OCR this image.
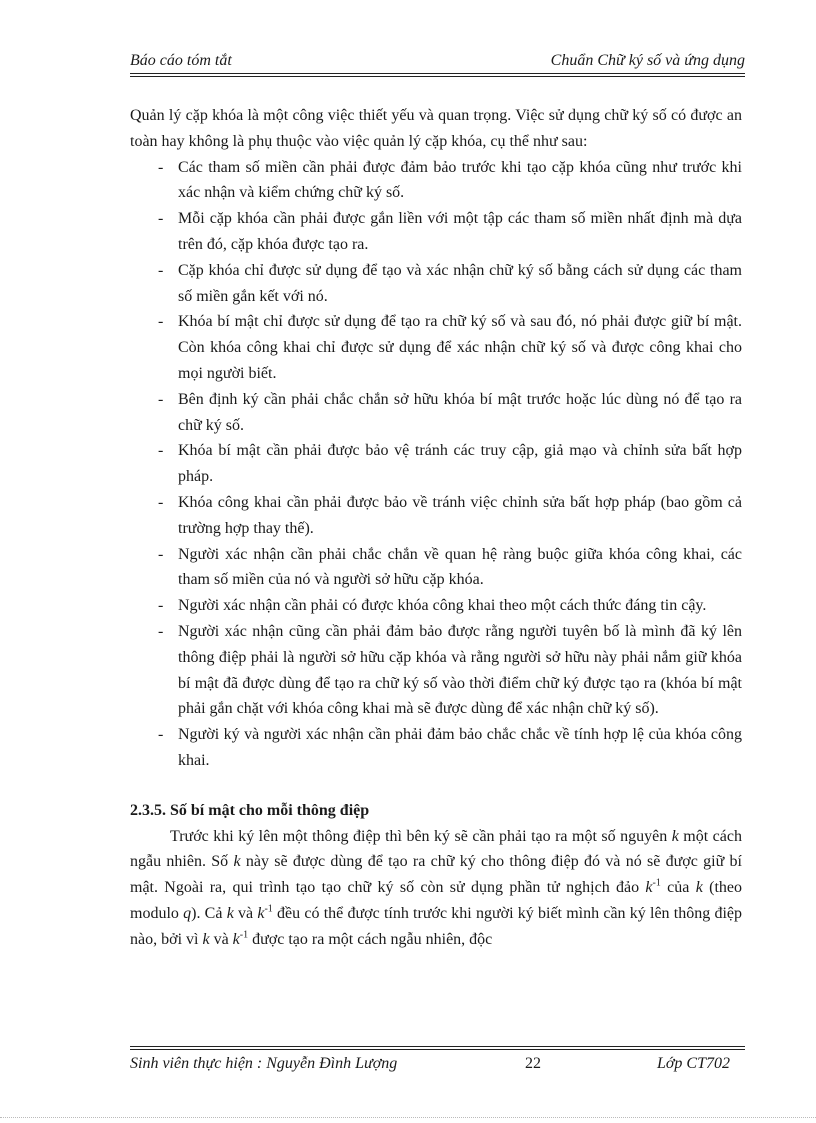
Báo cáo tóm tắt	Chuẩn Chữ ký số và ứng dụng

Quản lý cặp khóa là một công việc thiết yếu và quan trọng. Việc sử dụng chữ ký số có được an toàn hay không là phụ thuộc vào việc quản lý cặp khóa, cụ thể như sau:

- Các tham số miền cần phải được đảm bảo trước khi tạo cặp khóa cũng như trước khi xác nhận và kiểm chứng chữ ký số.
- Mỗi cặp khóa cần phải được gắn liền với một tập các tham số miền nhất định mà dựa trên đó, cặp khóa được tạo ra.
- Cặp khóa chỉ được sử dụng để tạo và xác nhận chữ ký số bằng cách sử dụng các tham số miền gắn kết với nó.
- Khóa bí mật chỉ được sử dụng để tạo ra chữ ký số và sau đó, nó phải được giữ bí mật. Còn khóa công khai chỉ được sử dụng để xác nhận chữ ký số và được công khai cho mọi người biết.
- Bên định ký cần phải chắc chắn sở hữu khóa bí mật trước hoặc lúc dùng nó để tạo ra chữ ký số.
- Khóa bí mật cần phải được bảo vệ tránh các truy cập, giả mạo và chỉnh sửa bất hợp pháp.
- Khóa công khai cần phải được bảo về tránh việc chỉnh sửa bất hợp pháp (bao gồm cả trường hợp thay thế).
- Người xác nhận cần phải chắc chắn về quan hệ ràng buộc giữa khóa công khai, các tham số miền của nó và người sở hữu cặp khóa.
- Người xác nhận cần phải có được khóa công khai theo một cách thức đáng tin cậy.
- Người xác nhận cũng cần phải đảm bảo được rằng người tuyên bố là mình đã ký lên thông điệp phải là người sở hữu cặp khóa và rằng người sở hữu này phải nắm giữ khóa bí mật đã được dùng để tạo ra chữ ký số vào thời điểm chữ ký được tạo ra (khóa bí mật phải gắn chặt với khóa công khai mà sẽ được dùng để xác nhận chữ ký số).
- Người ký và người xác nhận cần phải đảm bảo chắc chắc về tính hợp lệ của khóa công khai.
2.3.5. Số bí mật cho mỗi thông điệp

Trước khi ký lên một thông điệp thì bên ký sẽ cần phải tạo ra một số nguyên k một cách ngẫu nhiên. Số k này sẽ được dùng để tạo ra chữ ký cho thông điệp đó và nó sẽ được giữ bí mật. Ngoài ra, qui trình tạo tạo chữ ký số còn sử dụng phần tử nghịch đảo $k^{-1}$ của k (theo modulo q). Cả k và $k^{-1}$ đều có thể được tính trước khi người ký biết mình cần ký lên thông điệp nào, bởi vì k và $k^{-1}$ được tạo ra một cách ngẫu nhiên, độc

Sinh viên thực hiện : Nguyễn Đình Lượng	22	Lớp CT702
